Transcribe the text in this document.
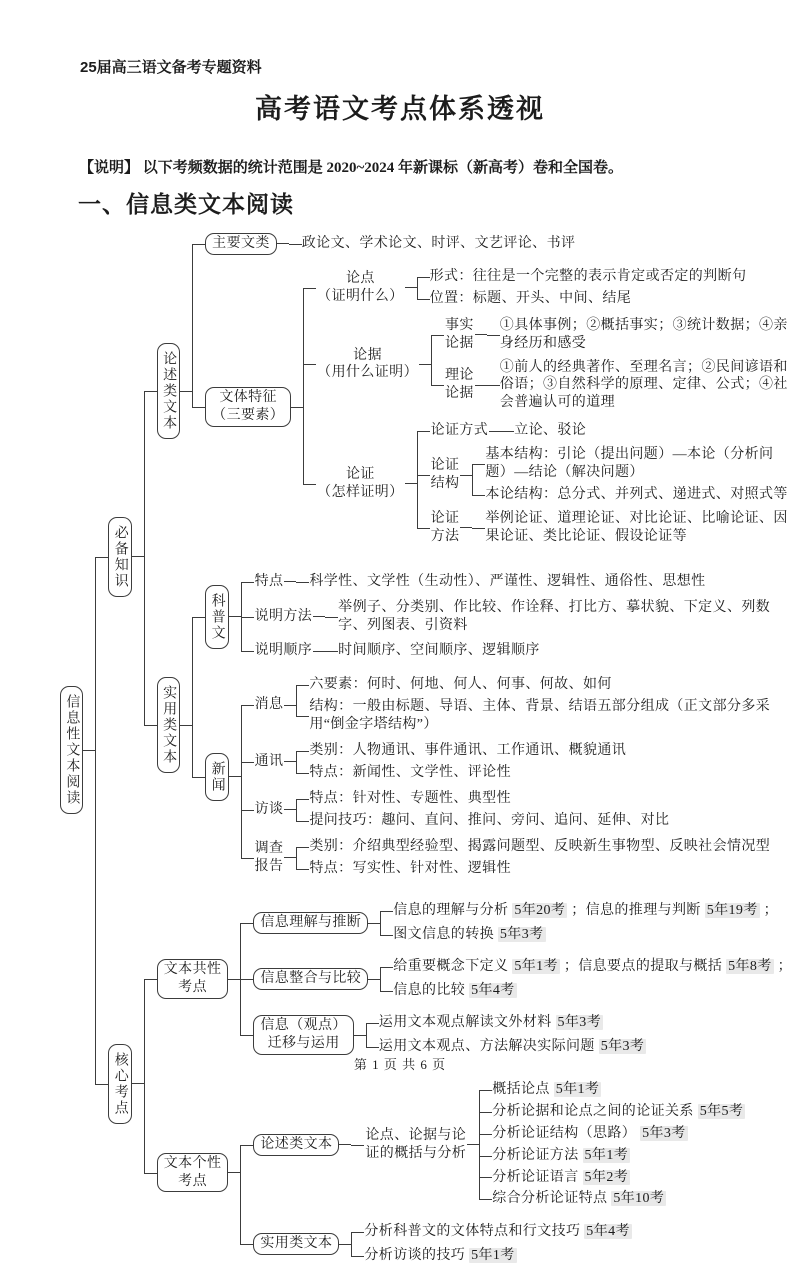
25届高三语文备考专题资料
高考语文考点体系透视

【说明】 以下考频数据的统计范围是 2020~2024 年新课标（新高考）卷和全国卷。

一、信息类文本阅读
信息性文本阅读
必备知识
论述类文本
主要文类	政论文、学术论文、时评、文艺评论、书评
文体特征
（三要素）
论点
（证明什么）
形式：往往是一个完整的表示肯定或否定的判断句
位置：标题、开头、中间、结尾
论据
（用什么证明）
事实
论据
①具体事例；②概括事实；③统计数据；④亲身经历和感受
理论
论据
①前人的经典著作、至理名言；②民间谚语和俗语；③自然科学的原理、定律、公式；④社会普遍认可的道理
论证
（怎样证明）
论证方式 立论、驳论
论证
结构
基本结构：引论（提出问题）—本论（分析问题）—结论（解决问题）
本论结构：总分式、并列式、递进式、对照式等
论证
方法
举例论证、道理论证、对比论证、比喻论证、因果论证、类比论证、假设论证等
实用类文本
科普文
特点 科学性、文学性（生动性）、严谨性、逻辑性、通俗性、思想性
说明方法
举例子、分类别、作比较、作诠释、打比方、摹状貌、下定义、列数字、列图表、引资料
说明顺序 时间顺序、空间顺序、逻辑顺序
新闻
消息
六要素：何时、何地、何人、何事、何故、如何
结构：一般由标题、导语、主体、背景、结语五部分组成（正文部分多采用“倒金字塔结构”）
通讯
类别：人物通讯、事件通讯、工作通讯、概貌通讯
特点：新闻性、文学性、评论性
访谈
特点：针对性、专题性、典型性
提问技巧：趣问、直问、推问、旁问、追问、延伸、对比
调查
报告
类别：介绍典型经验型、揭露问题型、反映新生事物型、反映社会情况型
特点：写实性、针对性、逻辑性
核心考点
文本共性
考点
信息理解与推断
信息的理解与分析 5年20考 ；信息的推理与判断 5年19考 ；
图文信息的转换 5年3考
信息整合与比较
给重要概念下定义 5年1考 ；信息要点的提取与概括 5年8考 ；
信息的比较 5年4考
信息（观点）
迁移与运用
运用文本观点解读文外材料 5年3考
运用文本观点、方法解决实际问题 5年3考
文本个性
考点
论述类文本
论点、论据与论
证的概括与分析
概括论点 5年1考
分析论据和论点之间的论证关系 5年5考
分析论证结构（思路） 5年3考
分析论证方法 5年1考
分析论证语言 5年2考
综合分析论证特点 5年10考
实用类文本
分析科普文的文体特点和行文技巧 5年4考
分析访谈的技巧 5年1考
第 1 页 共 6 页
